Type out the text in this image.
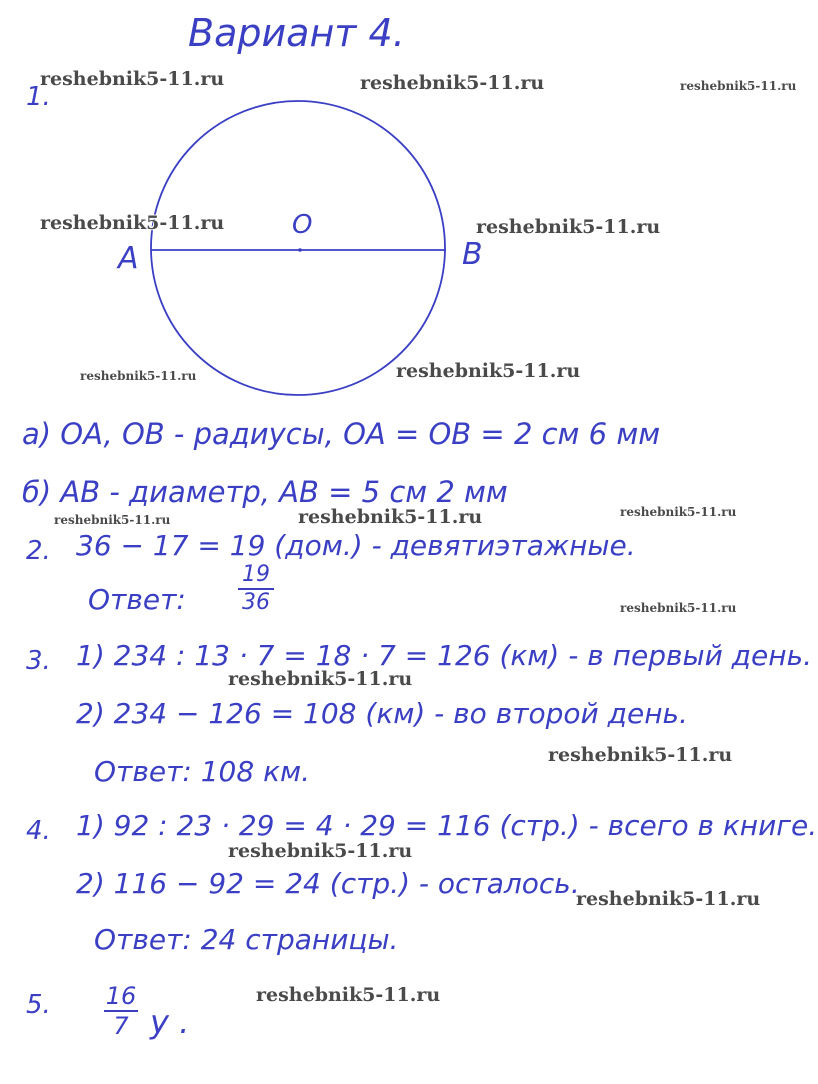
Вариант 4.
1.
O
A	B
а) OA, OB - радиусы, OA = OB = 2 см 6 мм
б) AB - диаметр, AB = 5 см 2 мм
2. 36 − 17 = 19 (дом.) - девятиэтажные.
Ответ:
19
36
3. 1) 234 : 13 · 7 = 18 · 7 = 126 (км) - в первый день.
2) 234 − 126 = 108 (км) - во второй день.
Ответ: 108 км.
4. 1) 92 : 23 · 29 = 4 · 29 = 116 (стр.) - всего в книге.
2) 116 − 92 = 24 (стр.) - осталось.
Ответ: 24 страницы.
5. 16
7 y .
reshebnik5-11.ru	reshebnik5-11.ru	reshebnik5-11.ru
reshebnik5-11.ru	reshebnik5-11.ru
reshebnik5-11.ru	reshebnik5-11.ru
reshebnik5-11.ru	reshebnik5-11.ru	reshebnik5-11.ru
reshebnik5-11.ru
reshebnik5-11.ru
reshebnik5-11.ru
reshebnik5-11.ru
reshebnik5-11.ru
reshebnik5-11.ru
